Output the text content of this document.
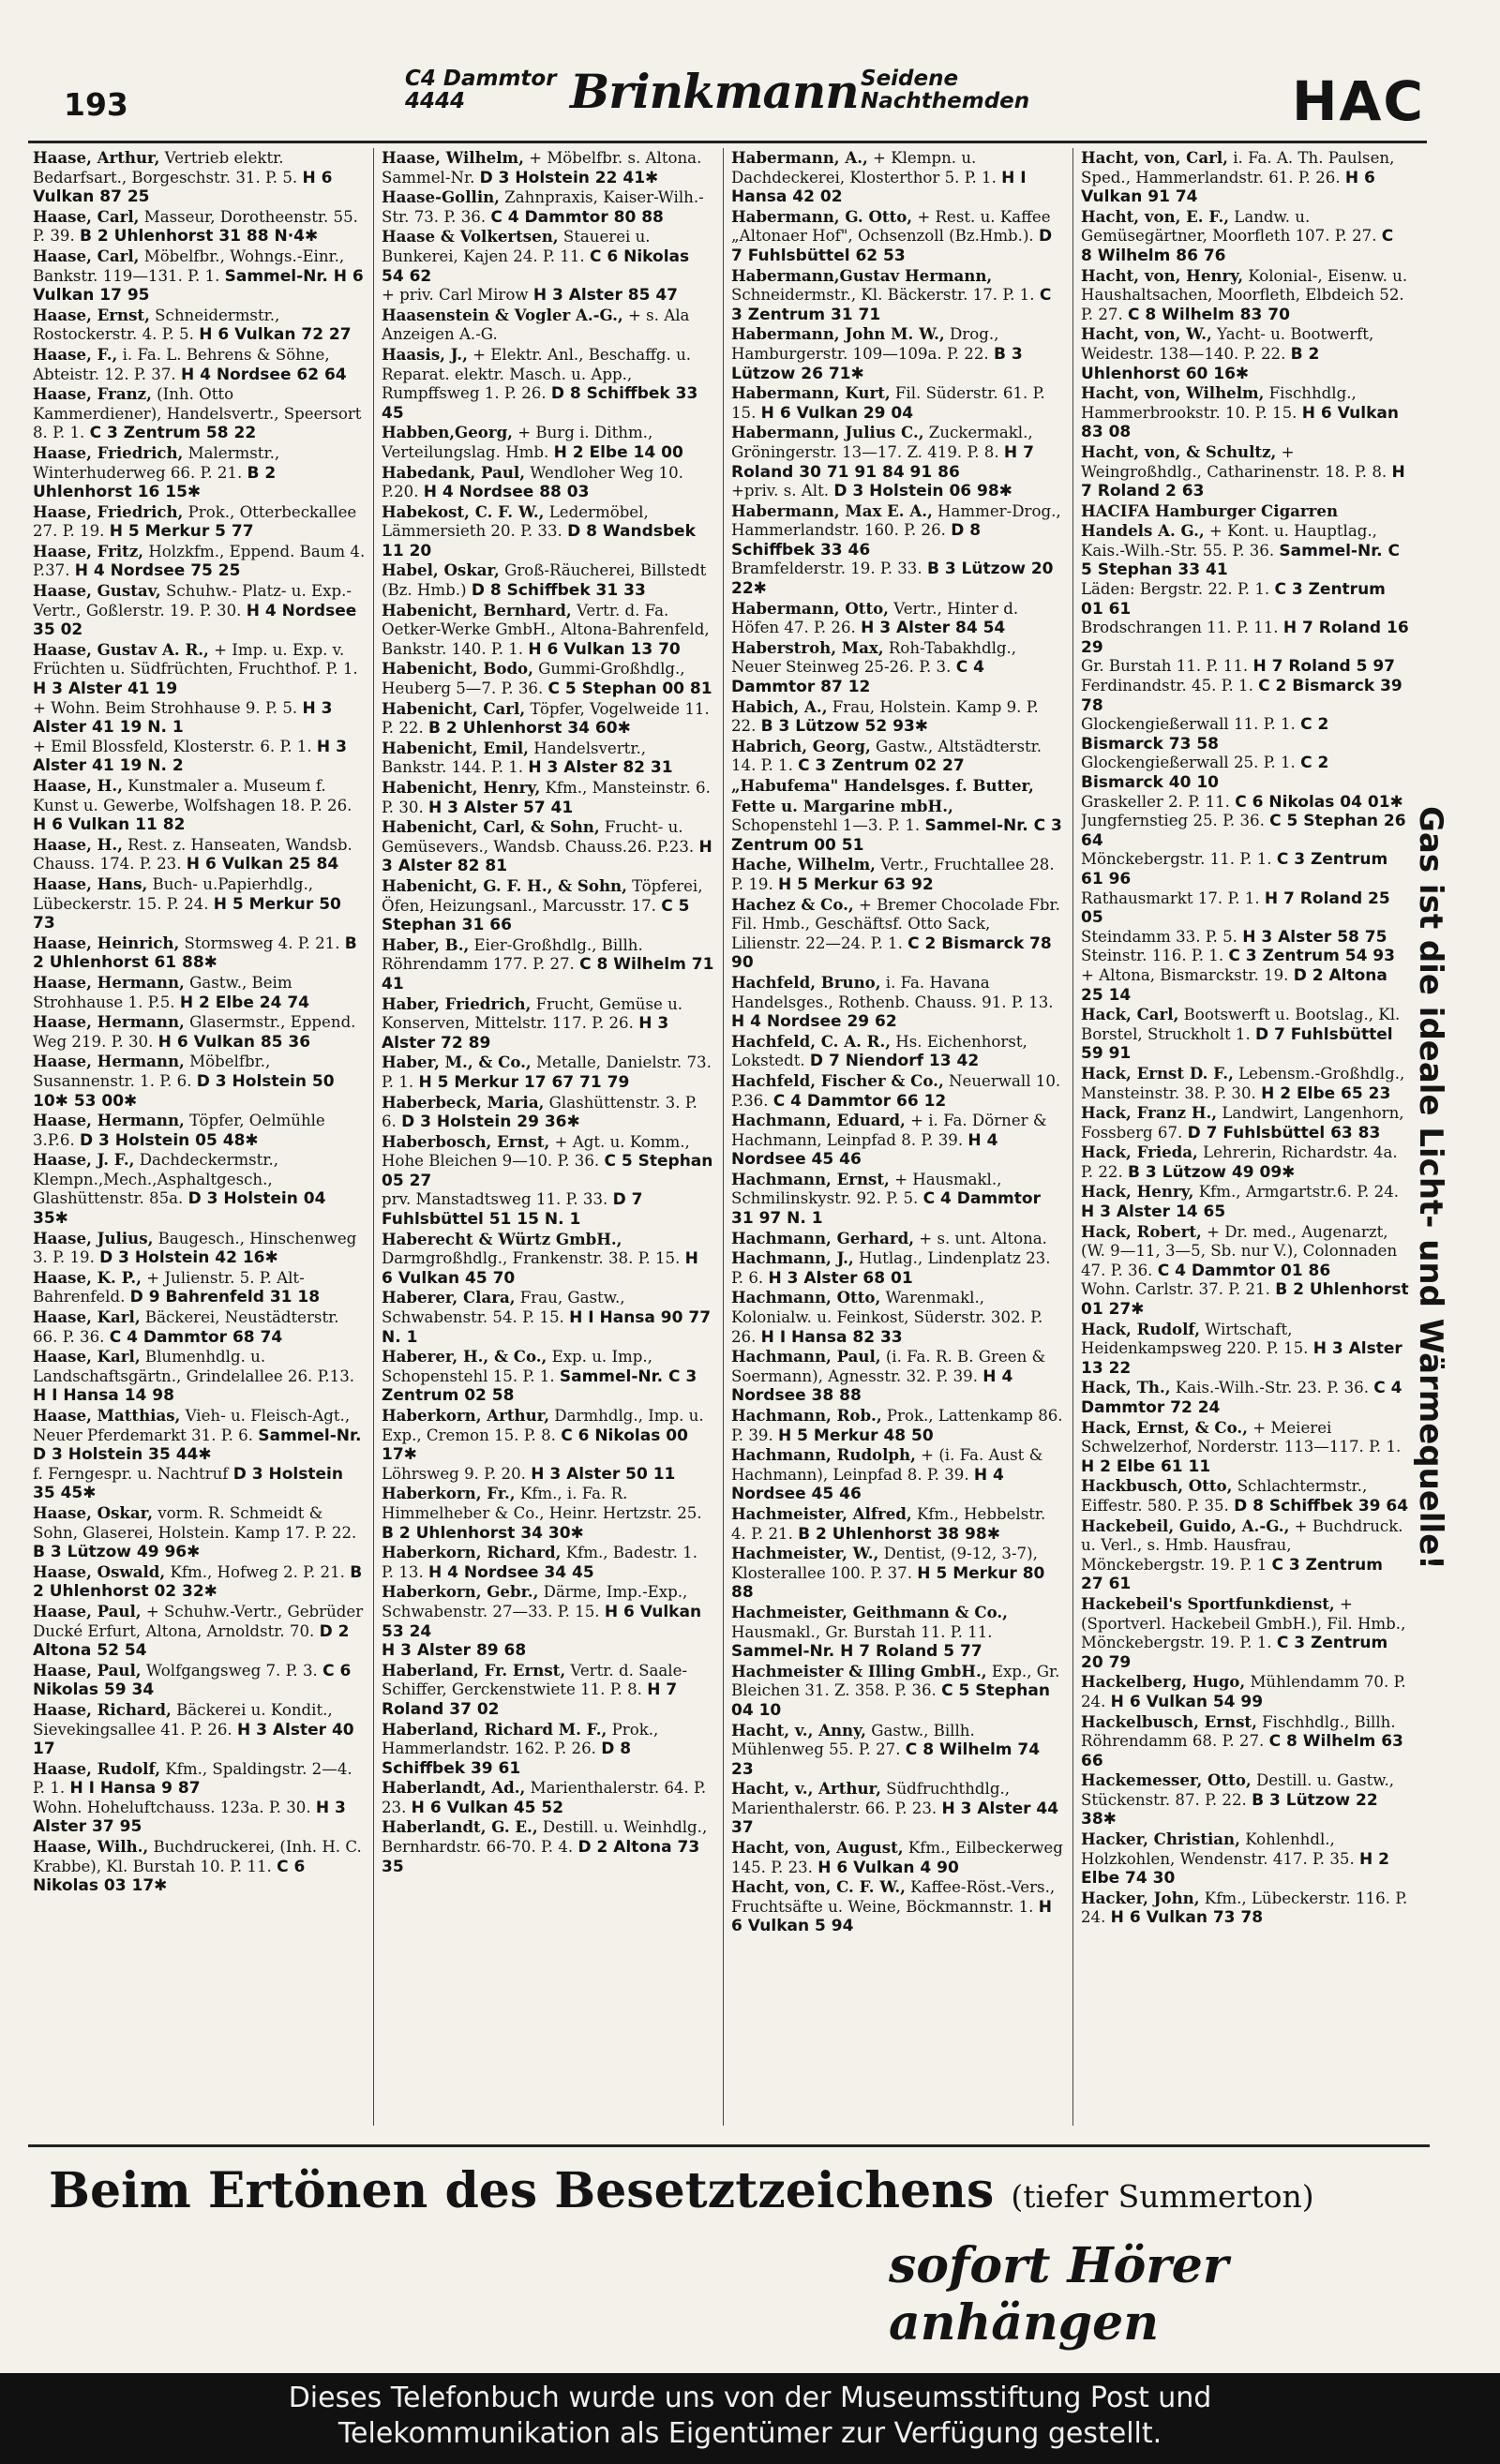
193
C4 Dammtor
4444	Brinkmann Seidene
Nachthemden	HAC

Haase, Arthur, Vertrieb elektr. Bedarfsart., Borgeschstr. 31. P. 5. H 6 Vulkan 87 25

Haase, Carl, Masseur, Dorotheenstr. 55. P. 39. B 2 Uhlenhorst 31 88 N·4✱

Haase, Carl, Möbelfbr., Wohngs.-Einr., Bankstr. 119—131. P. 1. Sammel-Nr. H 6 Vulkan 17 95

Haase, Ernst, Schneidermstr., Rostockerstr. 4. P. 5. H 6 Vulkan 72 27

Haase, F., i. Fa. L. Behrens & Söhne, Abteistr. 12. P. 37. H 4 Nordsee 62 64

Haase, Franz, (Inh. Otto Kammerdiener), Handelsvertr., Speersort 8. P. 1. C 3 Zentrum 58 22

Haase, Friedrich, Malermstr., Winterhuderweg 66. P. 21. B 2 Uhlenhorst 16 15✱

Haase, Friedrich, Prok., Otterbeckallee 27. P. 19. H 5 Merkur 5 77

Haase, Fritz, Holzkfm., Eppend. Baum 4. P.37. H 4 Nordsee 75 25

Haase, Gustav, Schuhw.- Platz- u. Exp.-Vertr., Goßlerstr. 19. P. 30. H 4 Nordsee 35 02

Haase, Gustav A. R., + Imp. u. Exp. v. Früchten u. Südfrüchten, Fruchthof. P. 1. H 3 Alster 41 19

+ Wohn. Beim Strohhause 9. P. 5. H 3 Alster 41 19 N. 1

+ Emil Blossfeld, Klosterstr. 6. P. 1. H 3 Alster 41 19 N. 2

Haase, H., Kunstmaler a. Museum f. Kunst u. Gewerbe, Wolfshagen 18. P. 26. H 6 Vulkan 11 82

Haase, H., Rest. z. Hanseaten, Wandsb. Chauss. 174. P. 23. H 6 Vulkan 25 84

Haase, Hans, Buch- u.Papierhdlg., Lübeckerstr. 15. P. 24. H 5 Merkur 50 73

Haase, Heinrich, Stormsweg 4. P. 21. B 2 Uhlenhorst 61 88✱

Haase, Hermann, Gastw., Beim Strohhause 1. P.5. H 2 Elbe 24 74

Haase, Hermann, Glasermstr., Eppend. Weg 219. P. 30. H 6 Vulkan 85 36

Haase, Hermann, Möbelfbr., Susannenstr. 1. P. 6. D 3 Holstein 50 10✱ 53 00✱

Haase, Hermann, Töpfer, Oelmühle 3.P.6. D 3 Holstein 05 48✱

Haase, J. F., Dachdeckermstr., Klempn.,Mech.,Asphaltgesch., Glashüttenstr. 85a. D 3 Holstein 04 35✱

Haase, Julius, Baugesch., Hinschenweg 3. P. 19. D 3 Holstein 42 16✱

Haase, K. P., + Julienstr. 5. P. Alt-Bahrenfeld. D 9 Bahrenfeld 31 18

Haase, Karl, Bäckerei, Neustädterstr. 66. P. 36. C 4 Dammtor 68 74

Haase, Karl, Blumenhdlg. u. Landschaftsgärtn., Grindelallee 26. P.13. H I Hansa 14 98

Haase, Matthias, Vieh- u. Fleisch-Agt., Neuer Pferdemarkt 31. P. 6. Sammel-Nr. D 3 Holstein 35 44✱

f. Ferngespr. u. Nachtruf D 3 Holstein 35 45✱

Haase, Oskar, vorm. R. Schmeidt & Sohn, Glaserei, Holstein. Kamp 17. P. 22. B 3 Lützow 49 96✱

Haase, Oswald, Kfm., Hofweg 2. P. 21. B 2 Uhlenhorst 02 32✱

Haase, Paul, + Schuhw.-Vertr., Gebrüder Ducké Erfurt, Altona, Arnoldstr. 70. D 2 Altona 52 54

Haase, Paul, Wolfgangsweg 7. P. 3. C 6 Nikolas 59 34

Haase, Richard, Bäckerei u. Kondit., Sievekingsallee 41. P. 26. H 3 Alster 40 17

Haase, Rudolf, Kfm., Spaldingstr. 2—4. P. 1. H I Hansa 9 87

Wohn. Hoheluftchauss. 123a. P. 30. H 3 Alster 37 95

Haase, Wilh., Buchdruckerei, (Inh. H. C. Krabbe), Kl. Burstah 10. P. 11. C 6 Nikolas 03 17✱

Haase, Wilhelm, + Möbelfbr. s. Altona.

Sammel-Nr. D 3 Holstein 22 41✱

Haase-Gollin, Zahnpraxis, Kaiser-Wilh.-Str. 73. P. 36. C 4 Dammtor 80 88

Haase & Volkertsen, Stauerei u. Bunkerei, Kajen 24. P. 11. C 6 Nikolas 54 62

+ priv. Carl Mirow H 3 Alster 85 47

Haasenstein & Vogler A.-G., + s. Ala Anzeigen A.-G.

Haasis, J., + Elektr. Anl., Beschaffg. u. Reparat. elektr. Masch. u. App., Rumpffsweg 1. P. 26. D 8 Schiffbek 33 45

Habben,Georg, + Burg i. Dithm., Verteilungslag. Hmb. H 2 Elbe 14 00

Habedank, Paul, Wendloher Weg 10. P.20. H 4 Nordsee 88 03

Habekost, C. F. W., Ledermöbel, Lämmersieth 20. P. 33. D 8 Wandsbek 11 20

Habel, Oskar, Groß-Räucherei, Billstedt (Bz. Hmb.) D 8 Schiffbek 31 33

Habenicht, Bernhard, Vertr. d. Fa. Oetker-Werke GmbH., Altona-Bahrenfeld, Bankstr. 140. P. 1. H 6 Vulkan 13 70

Habenicht, Bodo, Gummi-Großhdlg., Heuberg 5—7. P. 36. C 5 Stephan 00 81

Habenicht, Carl, Töpfer, Vogelweide 11. P. 22. B 2 Uhlenhorst 34 60✱

Habenicht, Emil, Handelsvertr., Bankstr. 144. P. 1. H 3 Alster 82 31

Habenicht, Henry, Kfm., Mansteinstr. 6. P. 30. H 3 Alster 57 41

Habenicht, Carl, & Sohn, Frucht- u. Gemüsevers., Wandsb. Chauss.26. P.23. H 3 Alster 82 81

Habenicht, G. F. H., & Sohn, Töpferei, Öfen, Heizungsanl., Marcusstr. 17. C 5 Stephan 31 66

Haber, B., Eier-Großhdlg., Billh. Röhrendamm 177. P. 27. C 8 Wilhelm 71 41

Haber, Friedrich, Frucht, Gemüse u. Konserven, Mittelstr. 117. P. 26. H 3 Alster 72 89

Haber, M., & Co., Metalle, Danielstr. 73. P. 1. H 5 Merkur 17 67 71 79

Haberbeck, Maria, Glashüttenstr. 3. P. 6. D 3 Holstein 29 36✱

Haberbosch, Ernst, + Agt. u. Komm., Hohe Bleichen 9—10. P. 36. C 5 Stephan 05 27

prv. Manstadtsweg 11. P. 33. D 7 Fuhlsbüttel 51 15 N. 1

Haberecht & Würtz GmbH., Darmgroßhdlg., Frankenstr. 38. P. 15. H 6 Vulkan 45 70

Haberer, Clara, Frau, Gastw., Schwabenstr. 54. P. 15. H I Hansa 90 77 N. 1

Haberer, H., & Co., Exp. u. Imp., Schopenstehl 15. P. 1. Sammel-Nr. C 3 Zentrum 02 58

Haberkorn, Arthur, Darmhdlg., Imp. u. Exp., Cremon 15. P. 8. C 6 Nikolas 00 17✱

Löhrsweg 9. P. 20. H 3 Alster 50 11

Haberkorn, Fr., Kfm., i. Fa. R. Himmelheber & Co., Heinr. Hertzstr. 25. B 2 Uhlenhorst 34 30✱

Haberkorn, Richard, Kfm., Badestr. 1. P. 13. H 4 Nordsee 34 45

Haberkorn, Gebr., Därme, Imp.-Exp., Schwabenstr. 27—33. P. 15. H 6 Vulkan 53 24

H 3 Alster 89 68

Haberland, Fr. Ernst, Vertr. d. Saale-Schiffer, Gerckenstwiete 11. P. 8. H 7 Roland 37 02

Haberland, Richard M. F., Prok., Hammerlandstr. 162. P. 26. D 8 Schiffbek 39 61

Haberlandt, Ad., Marienthalerstr. 64. P. 23. H 6 Vulkan 45 52

Haberlandt, G. E., Destill. u. Weinhdlg., Bernhardstr. 66-70. P. 4. D 2 Altona 73 35

Habermann, A., + Klempn. u. Dachdeckerei, Klosterthor 5. P. 1. H I Hansa 42 02

Habermann, G. Otto, + Rest. u. Kaffee „Altonaer Hof", Ochsenzoll (Bz.Hmb.). D 7 Fuhlsbüttel 62 53

Habermann,Gustav Hermann, Schneidermstr., Kl. Bäckerstr. 17. P. 1. C 3 Zentrum 31 71

Habermann, John M. W., Drog., Hamburgerstr. 109—109a. P. 22. B 3 Lützow 26 71✱

Habermann, Kurt, Fil. Süderstr. 61. P. 15. H 6 Vulkan 29 04

Habermann, Julius C., Zuckermakl., Gröningerstr. 13—17. Z. 419. P. 8. H 7 Roland 30 71 91 84 91 86

+priv. s. Alt. D 3 Holstein 06 98✱

Habermann, Max E. A., Hammer-Drog., Hammerlandstr. 160. P. 26. D 8 Schiffbek 33 46

Bramfelderstr. 19. P. 33. B 3 Lützow 20 22✱

Habermann, Otto, Vertr., Hinter d. Höfen 47. P. 26. H 3 Alster 84 54

Haberstroh, Max, Roh-Tabakhdlg., Neuer Steinweg 25-26. P. 3. C 4 Dammtor 87 12

Habich, A., Frau, Holstein. Kamp 9. P. 22. B 3 Lützow 52 93✱

Habrich, Georg, Gastw., Altstädterstr. 14. P. 1. C 3 Zentrum 02 27

„Habufema" Handelsges. f. Butter, Fette u. Margarine mbH., Schopenstehl 1—3. P. 1. Sammel-Nr. C 3 Zentrum 00 51

Hache, Wilhelm, Vertr., Fruchtallee 28. P. 19. H 5 Merkur 63 92

Hachez & Co., + Bremer Chocolade Fbr. Fil. Hmb., Geschäftsf. Otto Sack, Lilienstr. 22—24. P. 1. C 2 Bismarck 78 90

Hachfeld, Bruno, i. Fa. Havana Handelsges., Rothenb. Chauss. 91. P. 13. H 4 Nordsee 29 62

Hachfeld, C. A. R., Hs. Eichenhorst, Lokstedt. D 7 Niendorf 13 42

Hachfeld, Fischer & Co., Neuerwall 10. P.36. C 4 Dammtor 66 12

Hachmann, Eduard, + i. Fa. Dörner & Hachmann, Leinpfad 8. P. 39. H 4 Nordsee 45 46

Hachmann, Ernst, + Hausmakl., Schmilinskystr. 92. P. 5. C 4 Dammtor 31 97 N. 1

Hachmann, Gerhard, + s. unt. Altona.

Hachmann, J., Hutlag., Lindenplatz 23. P. 6. H 3 Alster 68 01

Hachmann, Otto, Warenmakl., Kolonialw. u. Feinkost, Süderstr. 302. P. 26. H I Hansa 82 33

Hachmann, Paul, (i. Fa. R. B. Green & Soermann), Agnesstr. 32. P. 39. H 4 Nordsee 38 88

Hachmann, Rob., Prok., Lattenkamp 86. P. 39. H 5 Merkur 48 50

Hachmann, Rudolph, + (i. Fa. Aust & Hachmann), Leinpfad 8. P. 39. H 4 Nordsee 45 46

Hachmeister, Alfred, Kfm., Hebbelstr. 4. P. 21. B 2 Uhlenhorst 38 98✱

Hachmeister, W., Dentist, (9-12, 3-7), Klosterallee 100. P. 37. H 5 Merkur 80 88

Hachmeister, Geithmann & Co., Hausmakl., Gr. Burstah 11. P. 11. Sammel-Nr. H 7 Roland 5 77

Hachmeister & Illing GmbH., Exp., Gr. Bleichen 31. Z. 358. P. 36. C 5 Stephan 04 10

Hacht, v., Anny, Gastw., Billh. Mühlenweg 55. P. 27. C 8 Wilhelm 74 23

Hacht, v., Arthur, Südfruchthdlg., Marienthalerstr. 66. P. 23. H 3 Alster 44 37

Hacht, von, August, Kfm., Eilbeckerweg 145. P. 23. H 6 Vulkan 4 90

Hacht, von, C. F. W., Kaffee-Röst.-Vers., Fruchtsäfte u. Weine, Böckmannstr. 1. H 6 Vulkan 5 94

Hacht, von, Carl, i. Fa. A. Th. Paulsen, Sped., Hammerlandstr. 61. P. 26. H 6 Vulkan 91 74

Hacht, von, E. F., Landw. u. Gemüsegärtner, Moorfleth 107. P. 27. C 8 Wilhelm 86 76

Hacht, von, Henry, Kolonial-, Eisenw. u. Haushaltsachen, Moorfleth, Elbdeich 52. P. 27. C 8 Wilhelm 83 70

Hacht, von, W., Yacht- u. Bootwerft, Weidestr. 138—140. P. 22. B 2 Uhlenhorst 60 16✱

Hacht, von, Wilhelm, Fischhdlg., Hammerbrookstr. 10. P. 15. H 6 Vulkan 83 08

Hacht, von, & Schultz, + Weingroßhdlg., Catharinenstr. 18. P. 8. H 7 Roland 2 63

HACIFA Hamburger Cigarren Handels A. G., + Kont. u. Hauptlag., Kais.-Wilh.-Str. 55. P. 36. Sammel-Nr. C 5 Stephan 33 41

Läden: Bergstr. 22. P. 1. C 3 Zentrum 01 61

Brodschrangen 11. P. 11. H 7 Roland 16 29

Gr. Burstah 11. P. 11. H 7 Roland 5 97

Ferdinandstr. 45. P. 1. C 2 Bismarck 39 78

Glockengießerwall 11. P. 1. C 2 Bismarck 73 58

Glockengießerwall 25. P. 1. C 2 Bismarck 40 10

Graskeller 2. P. 11. C 6 Nikolas 04 01✱

Jungfernstieg 25. P. 36. C 5 Stephan 26 64

Mönckebergstr. 11. P. 1. C 3 Zentrum 61 96

Rathausmarkt 17. P. 1. H 7 Roland 25 05

Steindamm 33. P. 5. H 3 Alster 58 75

Steinstr. 116. P. 1. C 3 Zentrum 54 93

+ Altona, Bismarckstr. 19. D 2 Altona 25 14

Hack, Carl, Bootswerft u. Bootslag., Kl. Borstel, Struckholt 1. D 7 Fuhlsbüttel 59 91

Hack, Ernst D. F., Lebensm.-Großhdlg., Mansteinstr. 38. P. 30. H 2 Elbe 65 23

Hack, Franz H., Landwirt, Langenhorn, Fossberg 67. D 7 Fuhlsbüttel 63 83

Hack, Frieda, Lehrerin, Richardstr. 4a. P. 22. B 3 Lützow 49 09✱

Hack, Henry, Kfm., Armgartstr.6. P. 24. H 3 Alster 14 65

Hack, Robert, + Dr. med., Augenarzt, (W. 9—11, 3—5, Sb. nur V.), Colonnaden 47. P. 36. C 4 Dammtor 01 86

Wohn. Carlstr. 37. P. 21. B 2 Uhlenhorst 01 27✱

Hack, Rudolf, Wirtschaft, Heidenkampsweg 220. P. 15. H 3 Alster 13 22

Hack, Th., Kais.-Wilh.-Str. 23. P. 36. C 4 Dammtor 72 24

Hack, Ernst, & Co., + Meierei Schwelzerhof, Norderstr. 113—117. P. 1. H 2 Elbe 61 11

Hackbusch, Otto, Schlachtermstr., Eiffestr. 580. P. 35. D 8 Schiffbek 39 64

Hackebeil, Guido, A.-G., + Buchdruck. u. Verl., s. Hmb. Hausfrau, Mönckebergstr. 19. P. 1 C 3 Zentrum 27 61

Hackebeil's Sportfunkdienst, + (Sportverl. Hackebeil GmbH.), Fil. Hmb., Mönckebergstr. 19. P. 1. C 3 Zentrum 20 79

Hackelberg, Hugo, Mühlendamm 70. P. 24. H 6 Vulkan 54 99

Hackelbusch, Ernst, Fischhdlg., Billh. Röhrendamm 68. P. 27. C 8 Wilhelm 63 66

Hackemesser, Otto, Destill. u. Gastw., Stückenstr. 87. P. 22. B 3 Lützow 22 38✱

Hacker, Christian, Kohlenhdl., Holzkohlen, Wendenstr. 417. P. 35. H 2 Elbe 74 30

Hacker, John, Kfm., Lübeckerstr. 116. P. 24. H 6 Vulkan 73 78

Gas ist die ideale Licht- und Wärmequelle!
Beim Ertönen des Besetztzeichens (tiefer Summerton)
sofort Hörer anhängen
Dieses Telefonbuch wurde uns von der Museumsstiftung Post und
Telekommunikation als Eigentümer zur Verfügung gestellt.
